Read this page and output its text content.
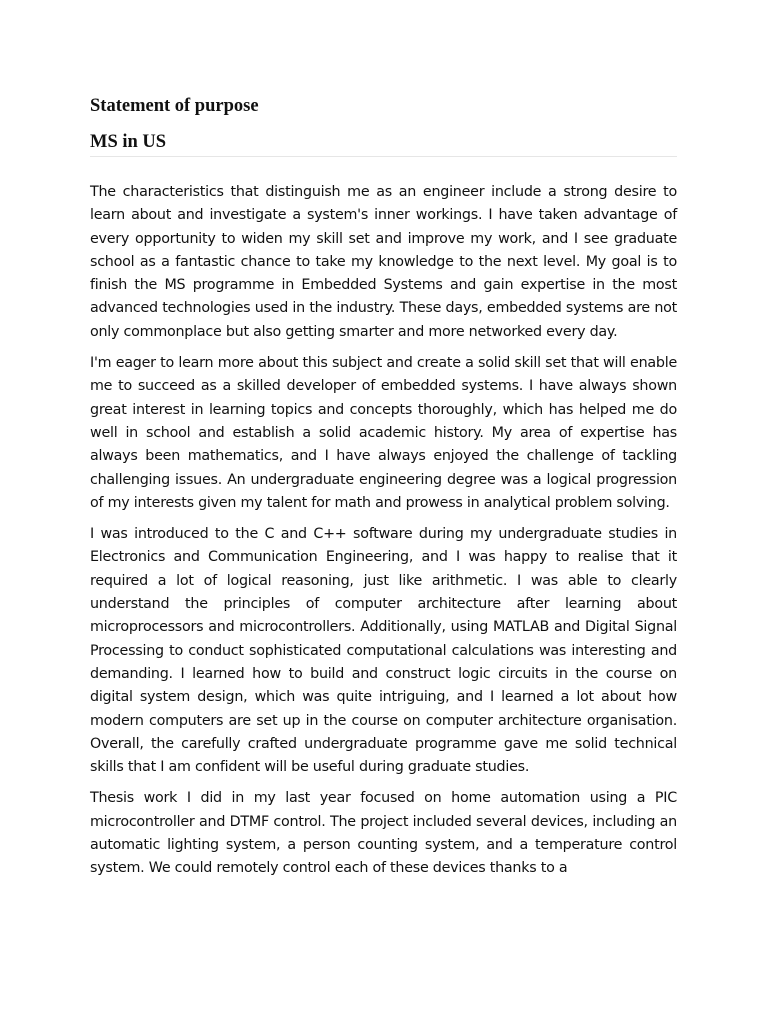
Statement of purpose
MS in US

The characteristics that distinguish me as an engineer include a strong desire to learn about and investigate a system's inner workings. I have taken advantage of every opportunity to widen my skill set and improve my work, and I see graduate school as a fantastic chance to take my knowledge to the next level. My goal is to finish the MS programme in Embedded Systems and gain expertise in the most advanced technologies used in the industry. These days, embedded systems are not only commonplace but also getting smarter and more networked every day.

I'm eager to learn more about this subject and create a solid skill set that will enable me to succeed as a skilled developer of embedded systems. I have always shown great interest in learning topics and concepts thoroughly, which has helped me do well in school and establish a solid academic history. My area of expertise has always been mathematics, and I have always enjoyed the challenge of tackling challenging issues. An undergraduate engineering degree was a logical progression of my interests given my talent for math and prowess in analytical problem solving.

I was introduced to the C and C++ software during my undergraduate studies in Electronics and Communication Engineering, and I was happy to realise that it required a lot of logical reasoning, just like arithmetic. I was able to clearly understand the principles of computer architecture after learning about microprocessors and microcontrollers. Additionally, using MATLAB and Digital Signal Processing to conduct sophisticated computational calculations was interesting and demanding. I learned how to build and construct logic circuits in the course on digital system design, which was quite intriguing, and I learned a lot about how modern computers are set up in the course on computer architecture organisation. Overall, the carefully crafted undergraduate programme gave me solid technical skills that I am confident will be useful during graduate studies.

Thesis work I did in my last year focused on home automation using a PIC microcontroller and DTMF control. The project included several devices, including an automatic lighting system, a person counting system, and a temperature control system. We could remotely control each of these devices thanks to a
